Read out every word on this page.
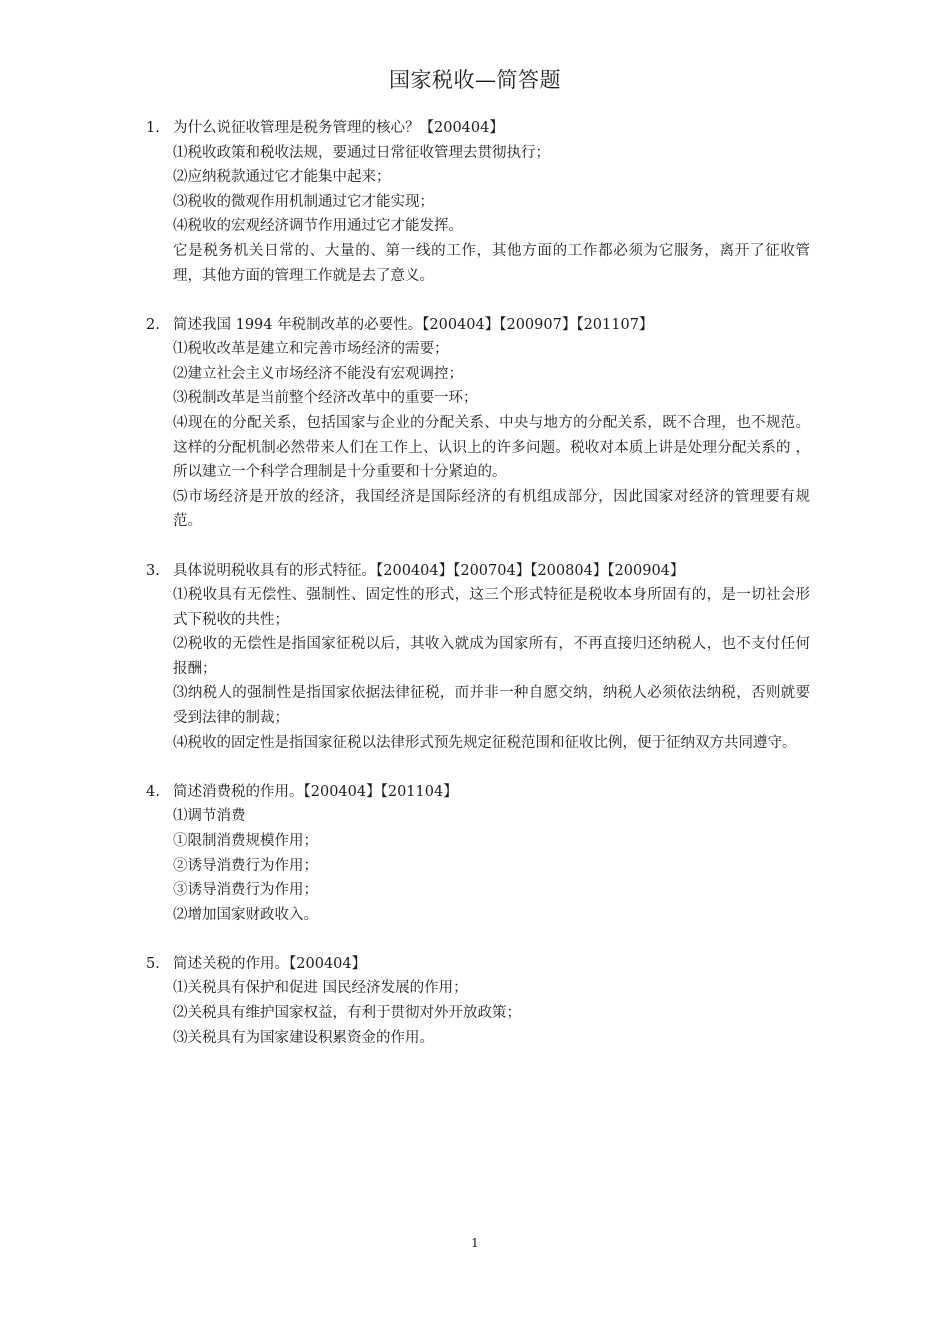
国家税收—简答题
1. 为什么说征收管理是税务管理的核心？【200404】
⑴税收政策和税收法规，要通过日常征收管理去贯彻执行；
⑵应纳税款通过它才能集中起来；
⑶税收的微观作用机制通过它才能实现；
⑷税收的宏观经济调节作用通过它才能发挥。
它是税务机关日常的、大量的、第一线的工作，其他方面的工作都必须为它服务，离开了征收管理，其他方面的管理工作就是去了意义。
2. 简述我国 1994 年税制改革的必要性。【200404】【200907】【201107】
⑴税收改革是建立和完善市场经济的需要；
⑵建立社会主义市场经济不能没有宏观调控；
⑶税制改革是当前整个经济改革中的重要一环；
⑷现在的分配关系，包括国家与企业的分配关系、中央与地方的分配关系，既不合理，也不规范。这样的分配机制必然带来人们在工作上、认识上的许多问题。税收对本质上讲是处理分配关系的 ，所以建立一个科学合理制是十分重要和十分紧迫的。
⑸市场经济是开放的经济，我国经济是国际经济的有机组成部分，因此国家对经济的管理要有规范。
3. 具体说明税收具有的形式特征。【200404】【200704】【200804】【200904】
⑴税收具有无偿性、强制性、固定性的形式，这三个形式特征是税收本身所固有的，是一切社会形式下税收的共性；
⑵税收的无偿性是指国家征税以后，其收入就成为国家所有，不再直接归还纳税人，也不支付任何报酬；
⑶纳税人的强制性是指国家依据法律征税，而并非一种自愿交纳，纳税人必须依法纳税，否则就要受到法律的制裁；
⑷税收的固定性是指国家征税以法律形式预先规定征税范围和征收比例，便于征纳双方共同遵守。
4. 简述消费税的作用。【200404】【201104】
⑴调节消费
①限制消费规模作用；
②诱导消费行为作用；
③诱导消费行为作用；
⑵增加国家财政收入。
5. 简述关税的作用。【200404】
⑴关税具有保护和促进 国民经济发展的作用；
⑵关税具有维护国家权益，有利于贯彻对外开放政策；
⑶关税具有为国家建设积累资金的作用。
1
